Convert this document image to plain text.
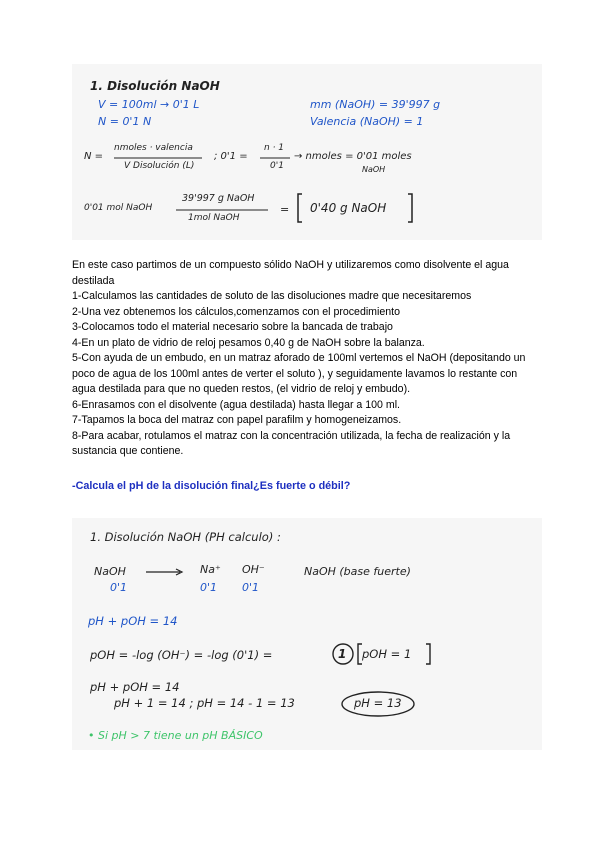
1. Disolución NaOH
V = 100ml → 0'1 L
N = 0'1 N
mm (NaOH) = 39'997 g
Valencia (NaOH) = 1
N =
nmoles · valencia
V Disolución (L)
; 0'1 =
n · 1
0'1
→ nmoles = 0'01 moles
NaOH
0'01 mol NaOH
39'997 g NaOH
1mol NaOH
= 0'40 g NaOH

En este caso partimos de un compuesto sólido NaOH y utilizaremos como disolvente el agua destilada

1-Calculamos las cantidades de soluto de las disoluciones madre que necesitaremos

2-Una vez obtenemos los cálculos,comenzamos con el procedimiento

3-Colocamos todo el material necesario sobre la bancada de trabajo

4-En un plato de vidrio de reloj pesamos 0,40 g de NaOH sobre la balanza.

5-Con ayuda de un embudo, en un matraz aforado de 100ml vertemos el NaOH (depositando un poco de agua de los 100ml antes de verter el soluto ), y seguidamente lavamos lo restante con agua destilada para que no queden restos, (el vidrio de reloj y embudo).

6-Enrasamos con el disolvente (agua destilada) hasta llegar a 100 ml.

7-Tapamos la boca del matraz con papel parafilm y homogeneizamos.

8-Para acabar, rotulamos el matraz con la concentración utilizada, la fecha de realización y la sustancia que contiene.

-Calcula el pH de la disolución final¿Es fuerte o débil?
1. Disolución NaOH (PH calculo) :
NaOH	Na⁺ OH⁻	NaOH (base fuerte)
0'1	0'1 0'1
pH + pOH = 14
pOH = -log (OH⁻) = -log (0'1) =	1 pOH = 1
pH + pOH = 14
pH + 1 = 14 ; pH = 14 - 1 = 13	pH = 13
• Si pH > 7 tiene un pH BÁSICO
